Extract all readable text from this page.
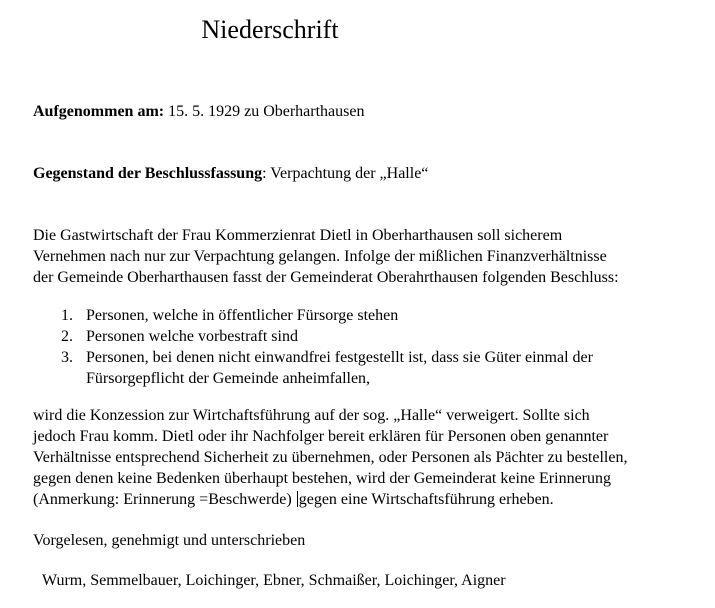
Niederschrift

Aufgenommen am: 15. 5. 1929 zu Oberharthausen

Gegenstand der Beschlussfassung: Verpachtung der „Halle“

Die Gastwirtschaft der Frau Kommerzienrat Dietl in Oberharthausen soll sicherem
Vernehmen nach nur zur Verpachtung gelangen. Infolge der mißlichen Finanzverhältnisse
der Gemeinde Oberharthausen fasst der Gemeinderat Oberahrthausen folgenden Beschluss:

1. Personen, welche in öffentlicher Fürsorge stehen
2. Personen welche vorbestraft sind
3. Personen, bei denen nicht einwandfrei festgestellt ist, dass sie Güter einmal der
Fürsorgepflicht der Gemeinde anheimfallen,

wird die Konzession zur Wirtchaftsführung auf der sog. „Halle“ verweigert. Sollte sich
jedoch Frau komm. Dietl oder ihr Nachfolger bereit erklären für Personen oben genannter
Verhältnisse entsprechend Sicherheit zu übernehmen, oder Personen als Pächter zu bestellen,
gegen denen keine Bedenken überhaupt bestehen, wird der Gemeinderat keine Erinnerung
(Anmerkung: Erinnerung =Beschwerde) gegen eine Wirtschaftsführung erheben.

Vorgelesen, genehmigt und unterschrieben

Wurm, Semmelbauer, Loichinger, Ebner, Schmaißer, Loichinger, Aigner
